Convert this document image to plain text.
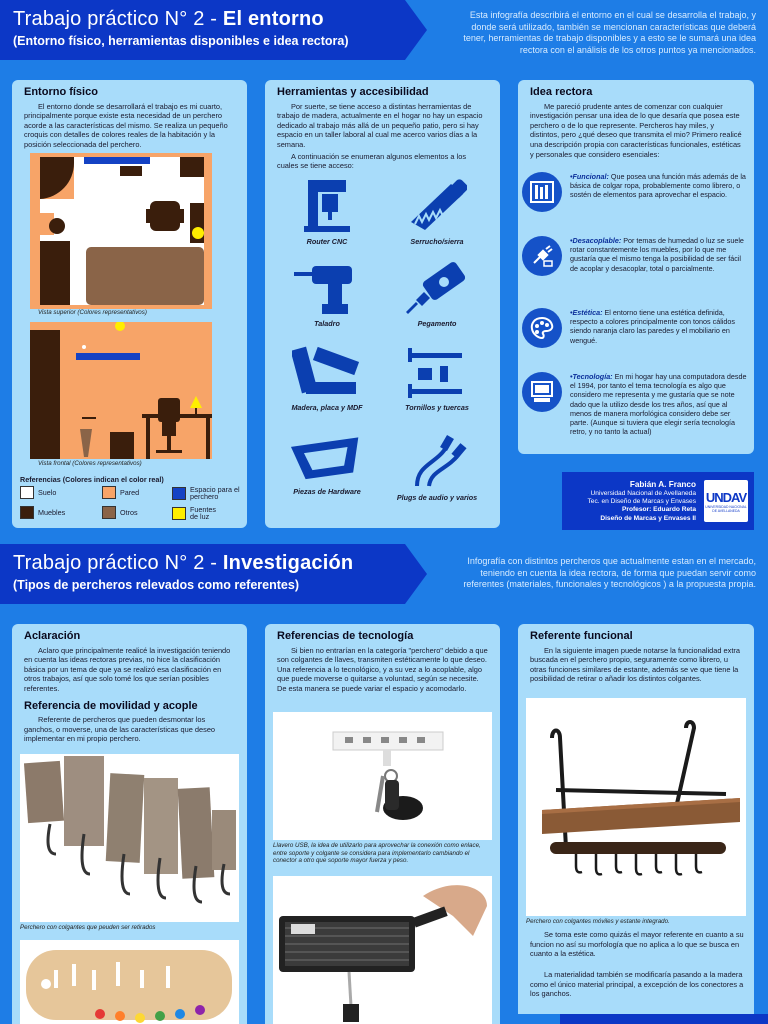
Trabajo práctico N° 2 - El entorno
(Entorno físico, herramientas disponibles e idea rectora)
Esta infografía describirá el entorno en el cual se desarrolla el trabajo, y donde será utilizado, también se mencionan características que deberá tener, herramientas de trabajo disponibles y a esto se le sumará una idea rectora con el análisis de los otros puntos ya mencionados.
Entorno físico

El entorno donde se desarrollará el trabajo es mi cuarto, principalmente porque existe esta necesidad de un perchero acorde a las características del mismo. Se realiza un pequeño croquis con detalles de colores reales de la habitación y la posición seleccionada del perchero.

Vista superior (Colores representativos)
Vista frontal (Colores representativos)
Referencias (Colores indican el color real)
Suelo	Pared	Espacio para el perchero
Muebles	Otros	Fuentes de luz
Herramientas y accesibilidad

Por suerte, se tiene acceso a distintas herramientas de trabajo de madera, actualmente en el hogar no hay un espacio dedicado al trabajo más allá de un pequeño patio, pero si hay espacio en un taller laboral al cual me acerco varios días a la semana.

A continuación se enumeran algunos elementos a los cuales se tiene acceso:

Router CNC	Serrucho/sierra
Taladro	Pegamento
Madera, placa y MDF	Tornillos y tuercas
Piezas de Hardware
Plugs de audio y varios
Idea rectora

Me pareció prudente antes de comenzar con cualquier investigación pensar una idea de lo que desaría que posea este perchero o de lo que represente. Percheros hay miles, y distintos, pero ¿qué deseo que transmita el mio? Primero realicé una descripción propia con características funcionales, estéticas y personales que considero esenciales:

•Funcional: Que posea una función más además de la básica de colgar ropa, probablemente como librero, o sostén de elementos para aprovechar el espacio.
•Desacoplable: Por temas de humedad o luz se suele rotar constantemente los muebles, por lo que me gustaría que el mismo tenga la posibilidad de ser fácil de acoplar y desacoplar, total o parcialmente.
•Estética: El entorno tiene una estética definida, respecto a colores principalmente con tonos cálidos siendo naranja claro las paredes y el mobiliario en wengué.
•Tecnología: En mi hogar hay una computadora desde el 1994, por tanto el tema tecnología es algo que considero me representa y me gustaría que se note dado que la utilizo desde los tres años, así que al menos de manera morfológica considero debe ser parte. (Aunque si tuviera que elegir sería tecnología retro, y no tanto la actual)
Fabián A. Franco
Universidad Nacional de Avellaneda
Tec. en Diseño de Marcas y Envases
Profesor: Eduardo Reta
Diseño de Marcas y Envases II
UNDAV
UNIVERSIDAD NACIONAL DE AVELLANEDA
Trabajo práctico N° 2 - Investigación
(Tipos de percheros relevados como referentes)
Infografía con distintos percheros que actualmente estan en el mercado, teniendo en cuenta la idea rectora, de forma que puedan servir como referentes (materiales, funcionales y tecnológicos ) a la propuesta propia.
Aclaración

Aclaro que principalmente realicé la investigación teniendo en cuenta las ideas rectoras previas, no hice la clasificación básica por un tema de que ya se realizó esa clasificación en otros trabajos, así que solo tomé los que serían posibles referentes.

Referencia de movilidad y acople

Referente de percheros que pueden desmontar los ganchos, o moverse, una de las características que deseo implementar en mi propio perchero.

Perchero con colgantes que peuden ser retirados
Referencias de tecnología

Si bien no entrarían en la categoría "perchero" debido a que son colgantes de llaves, transmiten estéticamente lo que deseo. Una referencia a lo tecnológico, y a su vez a lo acoplable, algo que puede moverse o quitarse a voluntad, según se necesite. De esta manera se puede variar el espacio y acomodarlo.

Llavero USB, la idea de utilizarlo para aprovechar la conexión como enlace, entre soporte y colgante se considera para implementarlo cambiando el conector a otro que soporte mayor fuerza y peso.
Referente funcional

En la siguiente imagen puede notarse la funcionalidad extra buscada en el perchero propio, seguramente como librero, u otras funciones similares de estante, además se ve que tiene la posibilidad de retirar o añadir los distintos colgantes.

Perchero con colgantes móviles y estante integrado.

Se toma este como quizás el mayor referente en cuanto a su funcion no así su morfología que no aplica a lo que se busca en cuanto a la estética.

La materialidad también se modificaría pasando a la madera como el único material principal, a excepción de los conectores a los ganchos.
